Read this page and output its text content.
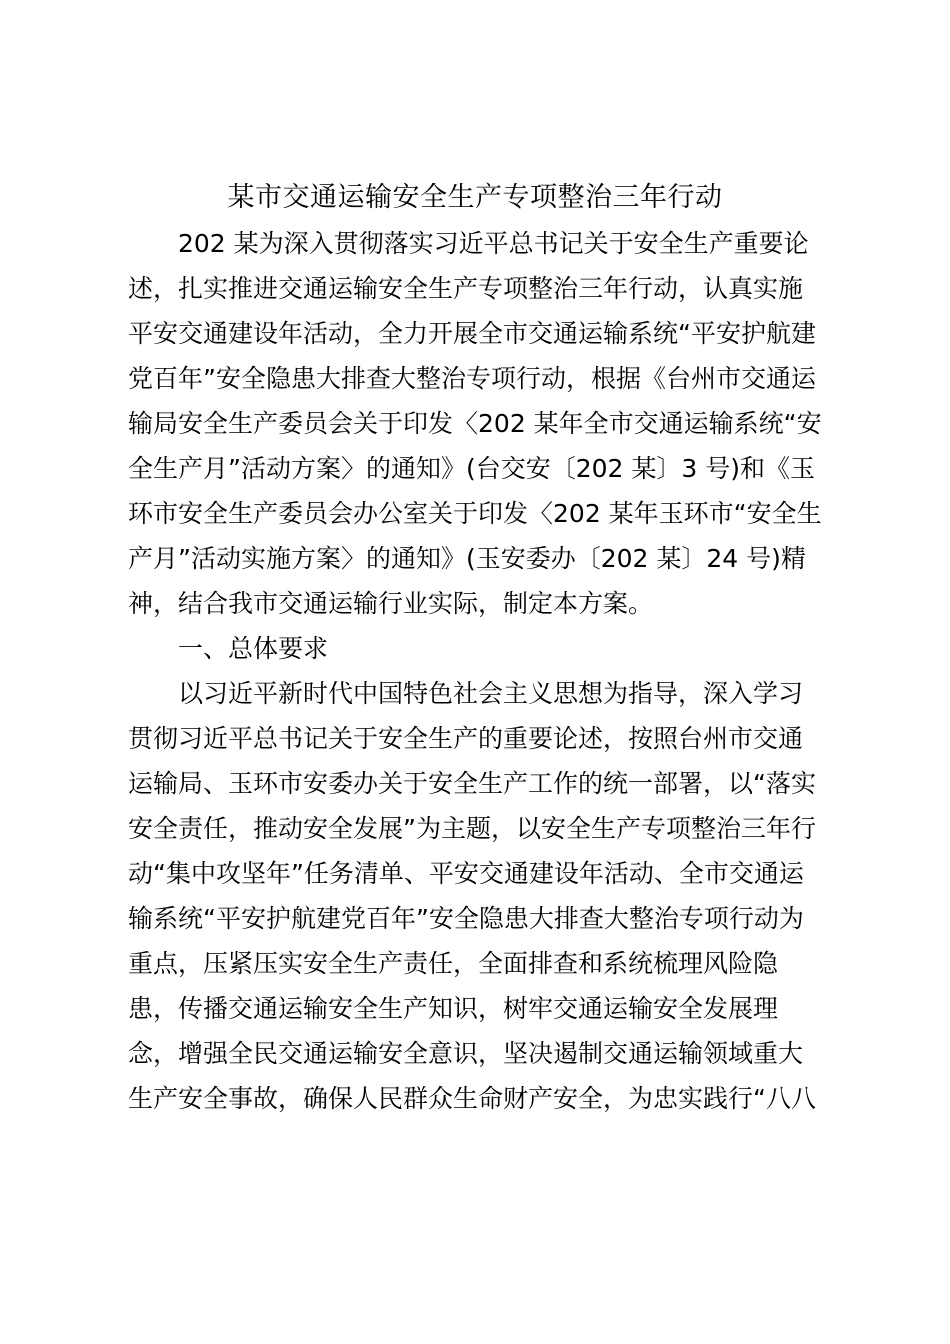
某市交通运输安全生产专项整治三年行动
202 某为深入贯彻落实习近平总书记关于安全生产重要论
述，扎实推进交通运输安全生产专项整治三年行动，认真实施
平安交通建设年活动，全力开展全市交通运输系统“平安护航建
党百年”安全隐患大排查大整治专项行动，根据《台州市交通运
输局安全生产委员会关于印发〈202 某年全市交通运输系统“安
全生产月”活动方案〉的通知》(台交安〔202 某〕3 号)和《玉
环市安全生产委员会办公室关于印发〈202 某年玉环市“安全生
产月”活动实施方案〉的通知》(玉安委办〔202 某〕24 号)精
神，结合我市交通运输行业实际，制定本方案。
一、总体要求
以习近平新时代中国特色社会主义思想为指导，深入学习
贯彻习近平总书记关于安全生产的重要论述，按照台州市交通
运输局、玉环市安委办关于安全生产工作的统一部署，以“落实
安全责任，推动安全发展”为主题，以安全生产专项整治三年行
动“集中攻坚年”任务清单、平安交通建设年活动、全市交通运
输系统“平安护航建党百年”安全隐患大排查大整治专项行动为
重点，压紧压实安全生产责任，全面排查和系统梳理风险隐
患，传播交通运输安全生产知识，树牢交通运输安全发展理
念，增强全民交通运输安全意识，坚决遏制交通运输领域重大
生产安全事故，确保人民群众生命财产安全，为忠实践行“八八
